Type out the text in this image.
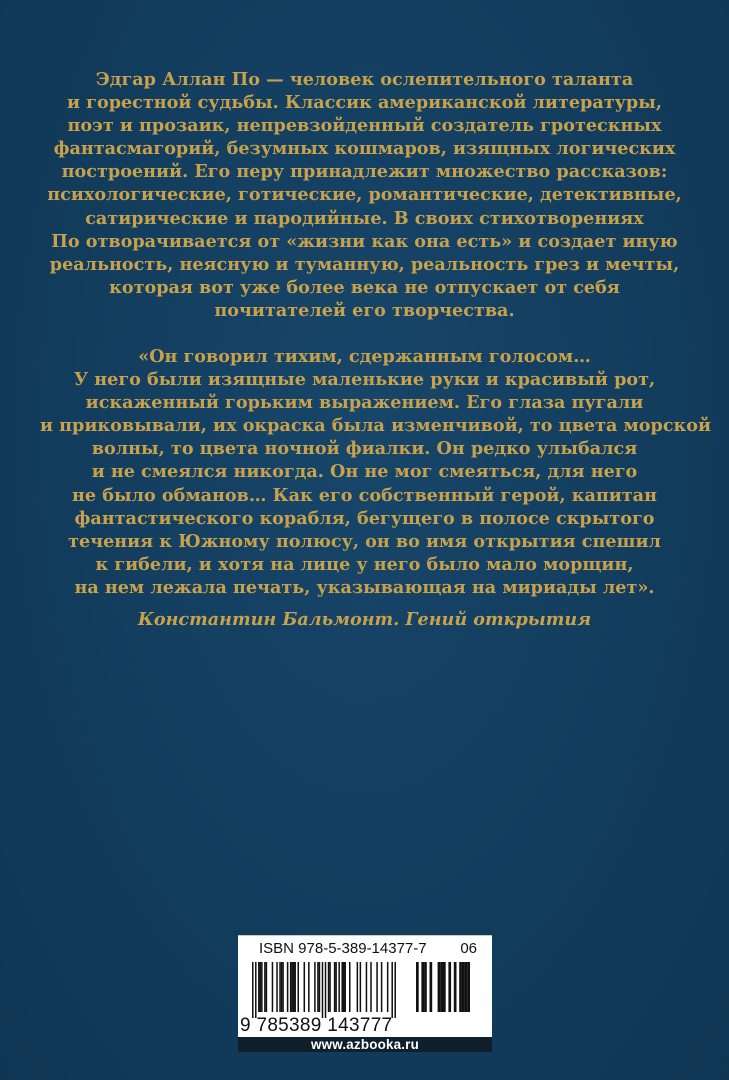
Эдгар Аллан По — человек ослепительного таланта
и горестной судьбы. Классик американской литературы,
поэт и прозаик, непревзойденный создатель гротескных
фантасмагорий, безумных кошмаров, изящных логических
построений. Его перу принадлежит множество рассказов:
психологические, готические, романтические, детективные,
сатирические и пародийные. В своих стихотворениях
По отворачивается от «жизни как она есть» и создает иную
реальность, неясную и туманную, реальность грез и мечты,
которая вот уже более века не отпускает от себя
почитателей его творчества.
«Он говорил тихим, сдержанным голосом…
У него были изящные маленькие руки и красивый рот,
искаженный горьким выражением. Его глаза пугали
и приковывали, их окраска была изменчивой, то цвета морской
волны, то цвета ночной фиалки. Он редко улыбался
и не смеялся никогда. Он не мог смеяться, для него
не было обманов… Как его собственный герой, капитан
фантастического корабля, бегущего в полосе скрытого
течения к Южному полюсу, он во имя открытия спешил
к гибели, и хотя на лице у него было мало морщин,
на нем лежала печать, указывающая на мириады лет».
Константин Бальмонт. Гений открытия
ISBN 978-5-389-14377-7 06
9 785389 143777
www.azbooka.ru
